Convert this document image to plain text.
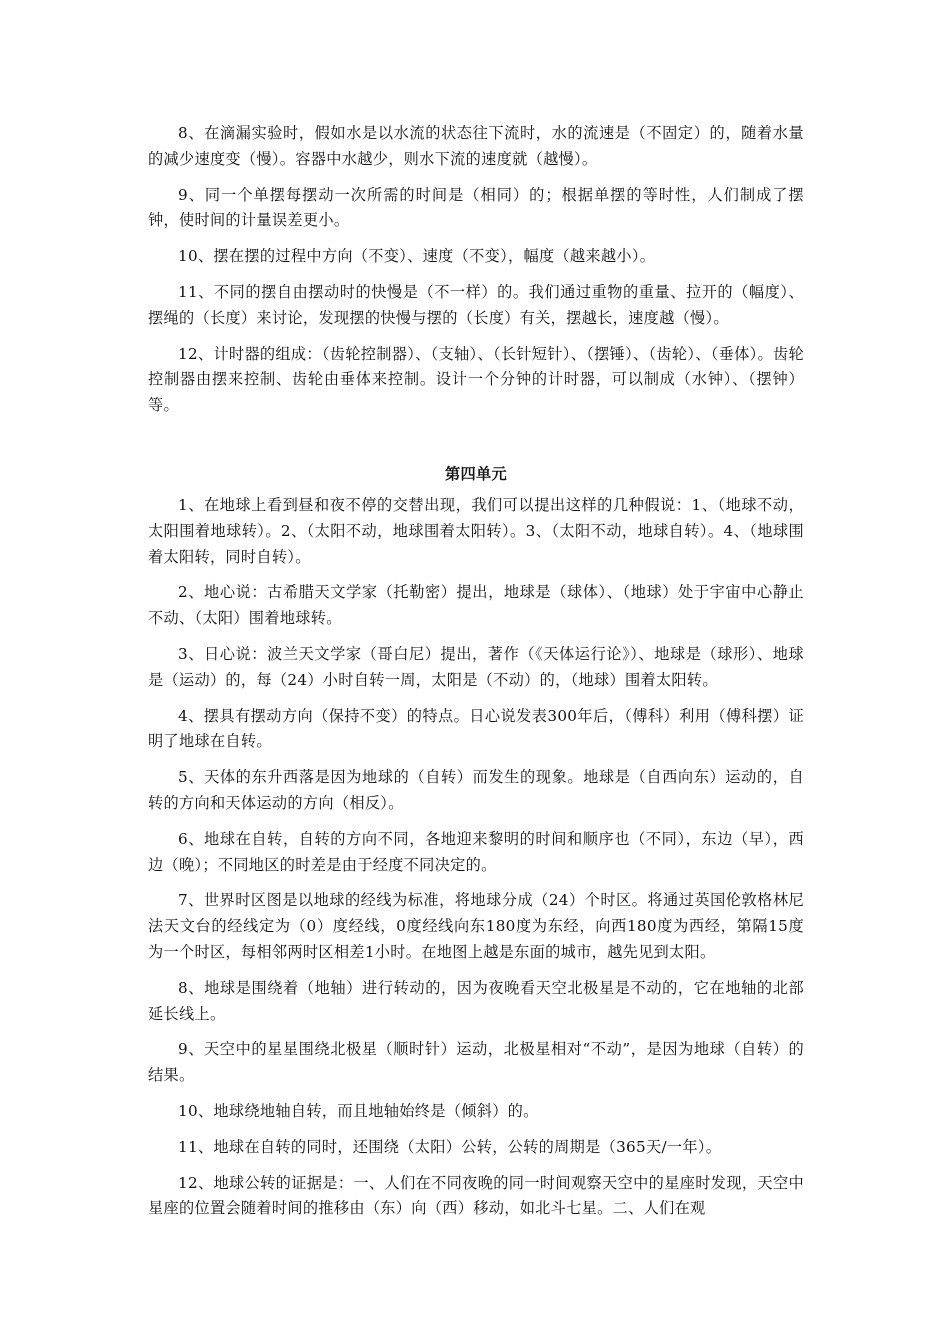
8、在滴漏实验时，假如水是以水流的状态往下流时，水的流速是（不固定）的，随着水量的减少速度变（慢）。容器中水越少，则水下流的速度就（越慢）。

9、同一个单摆每摆动一次所需的时间是（相同）的；根据单摆的等时性，人们制成了摆钟，使时间的计量误差更小。

10、摆在摆的过程中方向（不变）、速度（不变），幅度（越来越小）。

11、不同的摆自由摆动时的快慢是（不一样）的。我们通过重物的重量、拉开的（幅度）、摆绳的（长度）来讨论，发现摆的快慢与摆的（长度）有关，摆越长，速度越（慢）。

12、计时器的组成：（齿轮控制器）、（支轴）、（长针短针）、（摆锤）、（齿轮）、（垂体）。齿轮控制器由摆来控制、齿轮由垂体来控制。设计一个分钟的计时器，可以制成（水钟）、（摆钟）等。

第四单元

1、在地球上看到昼和夜不停的交替出现，我们可以提出这样的几种假说：1、（地球不动，太阳围着地球转）。2、（太阳不动，地球围着太阳转）。3、（太阳不动，地球自转）。4、（地球围着太阳转，同时自转）。

2、地心说：古希腊天文学家（托勒密）提出，地球是（球体）、（地球）处于宇宙中心静止不动、（太阳）围着地球转。

3、日心说：波兰天文学家（哥白尼）提出，著作（《天体运行论》）、地球是（球形）、地球是（运动）的，每（24）小时自转一周，太阳是（不动）的，（地球）围着太阳转。

4、摆具有摆动方向（保持不变）的特点。日心说发表300年后，（傅科）利用（傅科摆）证明了地球在自转。

5、天体的东升西落是因为地球的（自转）而发生的现象。地球是（自西向东）运动的，自转的方向和天体运动的方向（相反）。

6、地球在自转，自转的方向不同，各地迎来黎明的时间和顺序也（不同），东边（早），西边（晚）；不同地区的时差是由于经度不同决定的。

7、世界时区图是以地球的经线为标准，将地球分成（24）个时区。将通过英国伦敦格林尼法天文台的经线定为（0）度经线，0度经线向东180度为东经，向西180度为西经，第隔15度为一个时区，每相邻两时区相差1小时。在地图上越是东面的城市，越先见到太阳。

8、地球是围绕着（地轴）进行转动的，因为夜晚看天空北极星是不动的，它在地轴的北部延长线上。

9、天空中的星星围绕北极星（顺时针）运动，北极星相对“不动”，是因为地球（自转）的结果。

10、地球绕地轴自转，而且地轴始终是（倾斜）的。

11、地球在自转的同时，还围绕（太阳）公转，公转的周期是（365天/一年）。

12、地球公转的证据是：一、人们在不同夜晚的同一时间观察天空中的星座时发现，天空中星座的位置会随着时间的推移由（东）向（西）移动，如北斗七星。二、人们在观
